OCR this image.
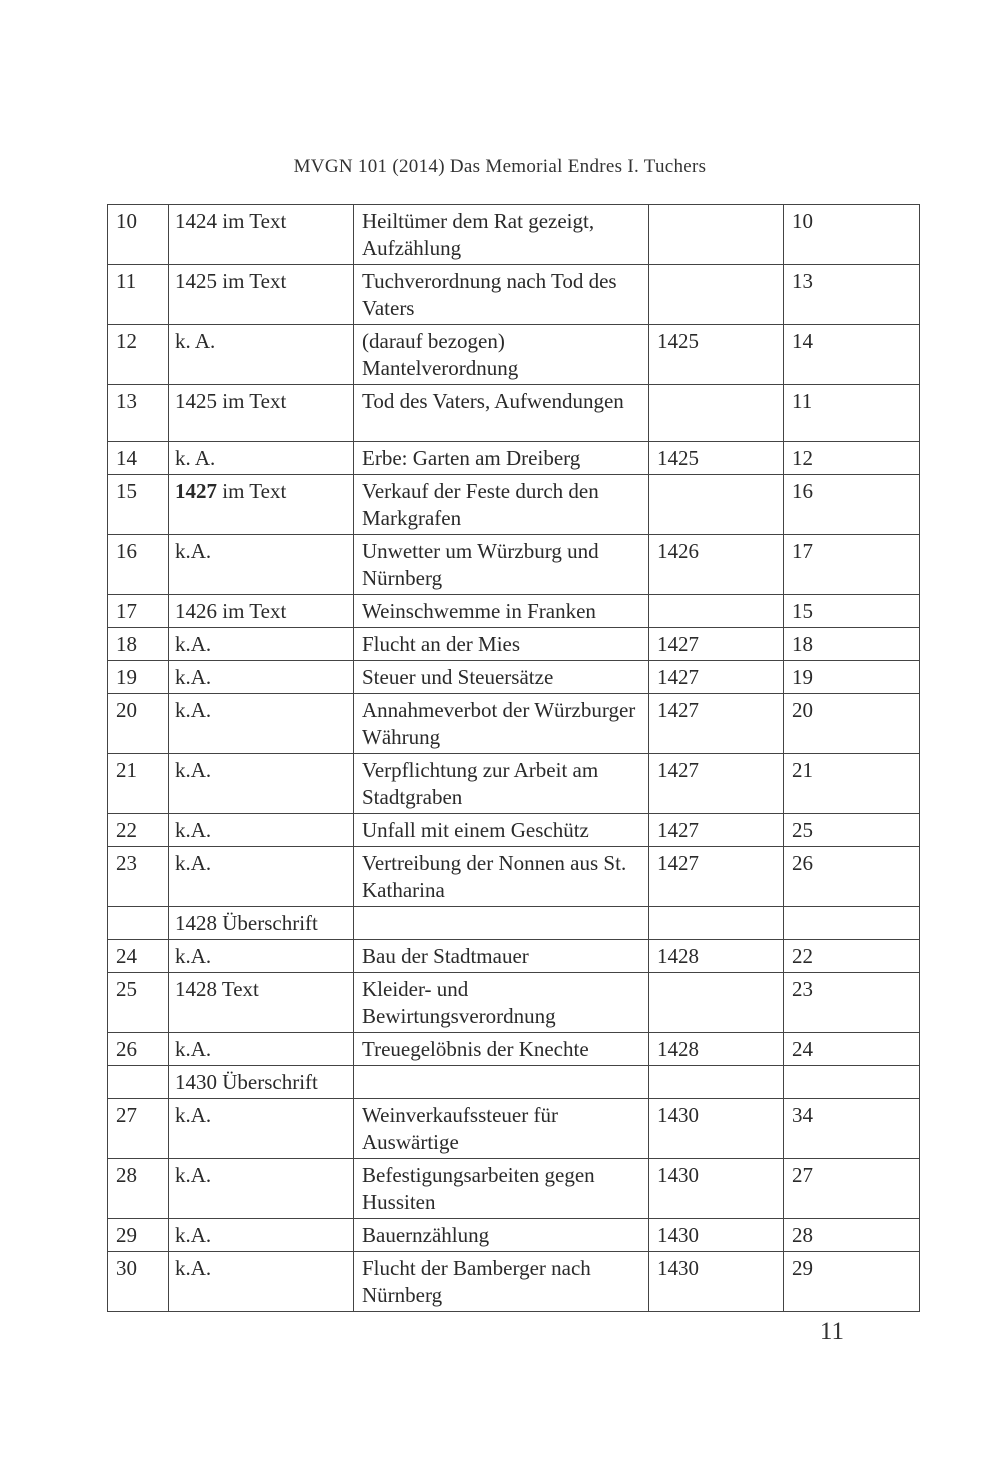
MVGN 101 (2014) Das Memorial Endres I. Tuchers
10	1424 im Text	Heiltümer dem Rat gezeigt, Aufzählung		10
11	1425 im Text	Tuchverordnung nach Tod des Vaters		13
12	k. A.	(darauf bezogen) Mantelverordnung	1425	14
13	1425 im Text	Tod des Vaters, Aufwendungen		11
14	k. A.	Erbe: Garten am Dreiberg	1425	12
15	1427 im Text	Verkauf der Feste durch den Markgrafen		16
16	k.A.	Unwetter um Würzburg und Nürnberg	1426	17
17	1426 im Text	Weinschwemme in Franken		15
18	k.A.	Flucht an der Mies	1427	18
19	k.A.	Steuer und Steuersätze	1427	19
20	k.A.	Annahmeverbot der Würzburger Währung	1427	20
21	k.A.	Verpflichtung zur Arbeit am Stadtgraben	1427	21
22	k.A.	Unfall mit einem Geschütz	1427	25
23	k.A.	Vertreibung der Nonnen aus St. Katharina	1427	26
	1428 Überschrift			
24	k.A.	Bau der Stadtmauer	1428	22
25	1428 Text	Kleider- und Bewirtungsverordnung		23
26	k.A.	Treuegelöbnis der Knechte	1428	24
	1430 Überschrift			
27	k.A.	Weinverkaufssteuer für Auswärtige	1430	34
28	k.A.	Befestigungsarbeiten gegen Hussiten	1430	27
29	k.A.	Bauernzählung	1430	28
30	k.A.	Flucht der Bamberger nach Nürnberg	1430	29
11
